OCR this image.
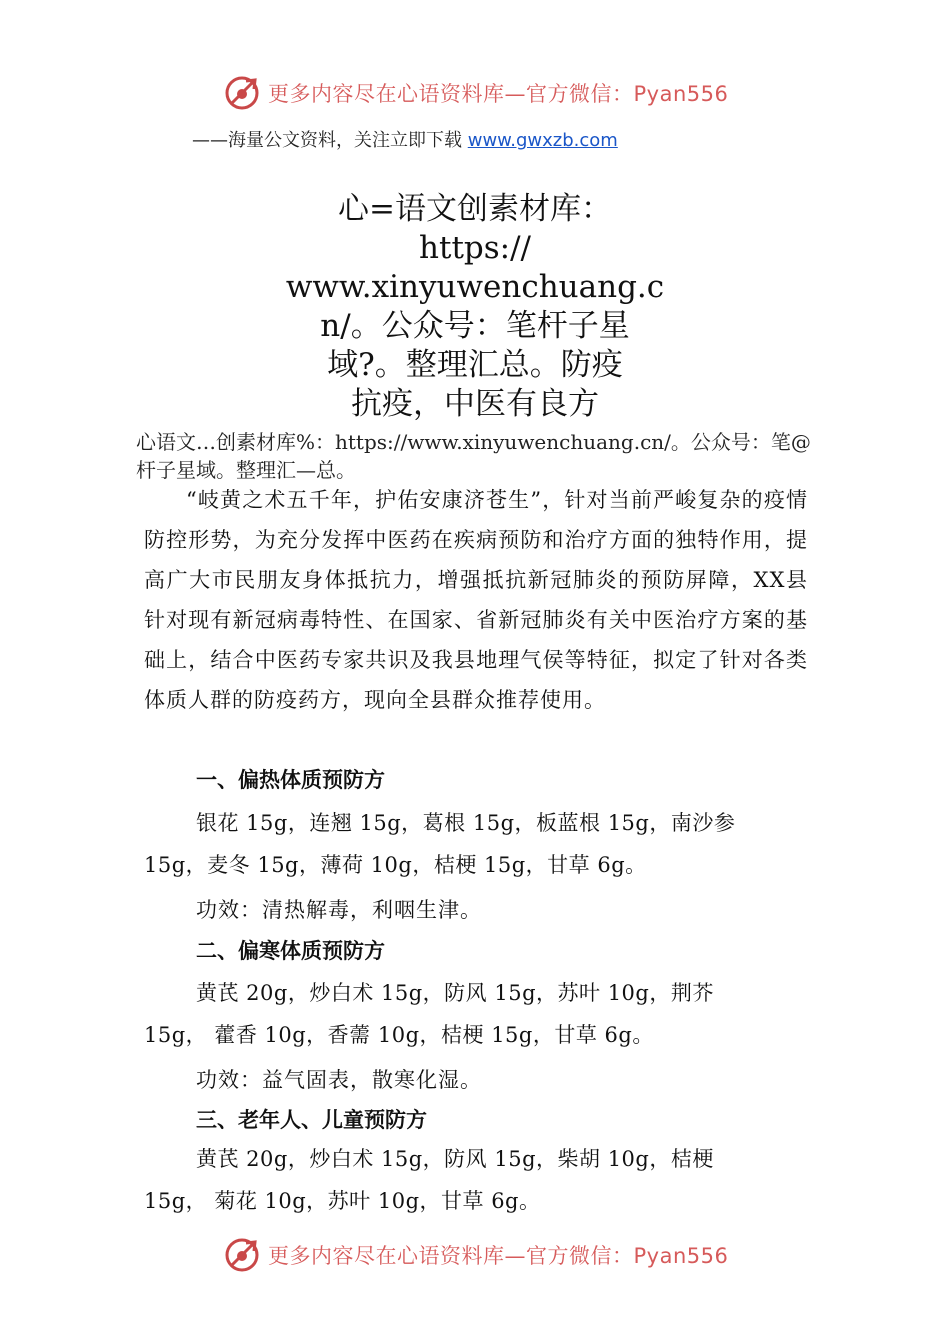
更多内容尽在心语资料库—官方微信：Pyan556
——海量公文资料，关注立即下载 www.gwxzb.com
心=语文创素材库：
https://
www.xinyuwenchuang.c
n/。公众号：笔杆子星
域?。整理汇总。防疫
抗疫，中医有良方
心语文…创素材库%：https://www.xinyuwenchuang.cn/。公众号：笔@杆子星域。整理汇—总。
“岐黄之术五千年，护佑安康济苍生”，针对当前严峻复杂的疫情防控形势，为充分发挥中医药在疾病预防和治疗方面的独特作用，提高广大市民朋友身体抵抗力，增强抵抗新冠肺炎的预防屏障，XX县针对现有新冠病毒特性、在国家、省新冠肺炎有关中医治疗方案的基础上，结合中医药专家共识及我县地理气侯等特征，拟定了针对各类体质人群的防疫药方，现向全县群众推荐使用。
一、偏热体质预防方
银花 15g，连翘 15g，葛根 15g，板蓝根 15g，南沙参 15g，麦冬 15g，薄荷 10g，桔梗 15g，甘草 6g。
功效：清热解毒，利咽生津。
二、偏寒体质预防方
黄芪 20g，炒白术 15g，防风 15g，苏叶 10g，荆芥 15g， 藿香 10g，香薷 10g，桔梗 15g，甘草 6g。
功效：益气固表，散寒化湿。
三、老年人、儿童预防方
黄芪 20g，炒白术 15g，防风 15g，柴胡 10g，桔梗 15g， 菊花 10g，苏叶 10g，甘草 6g。
更多内容尽在心语资料库—官方微信：Pyan556
